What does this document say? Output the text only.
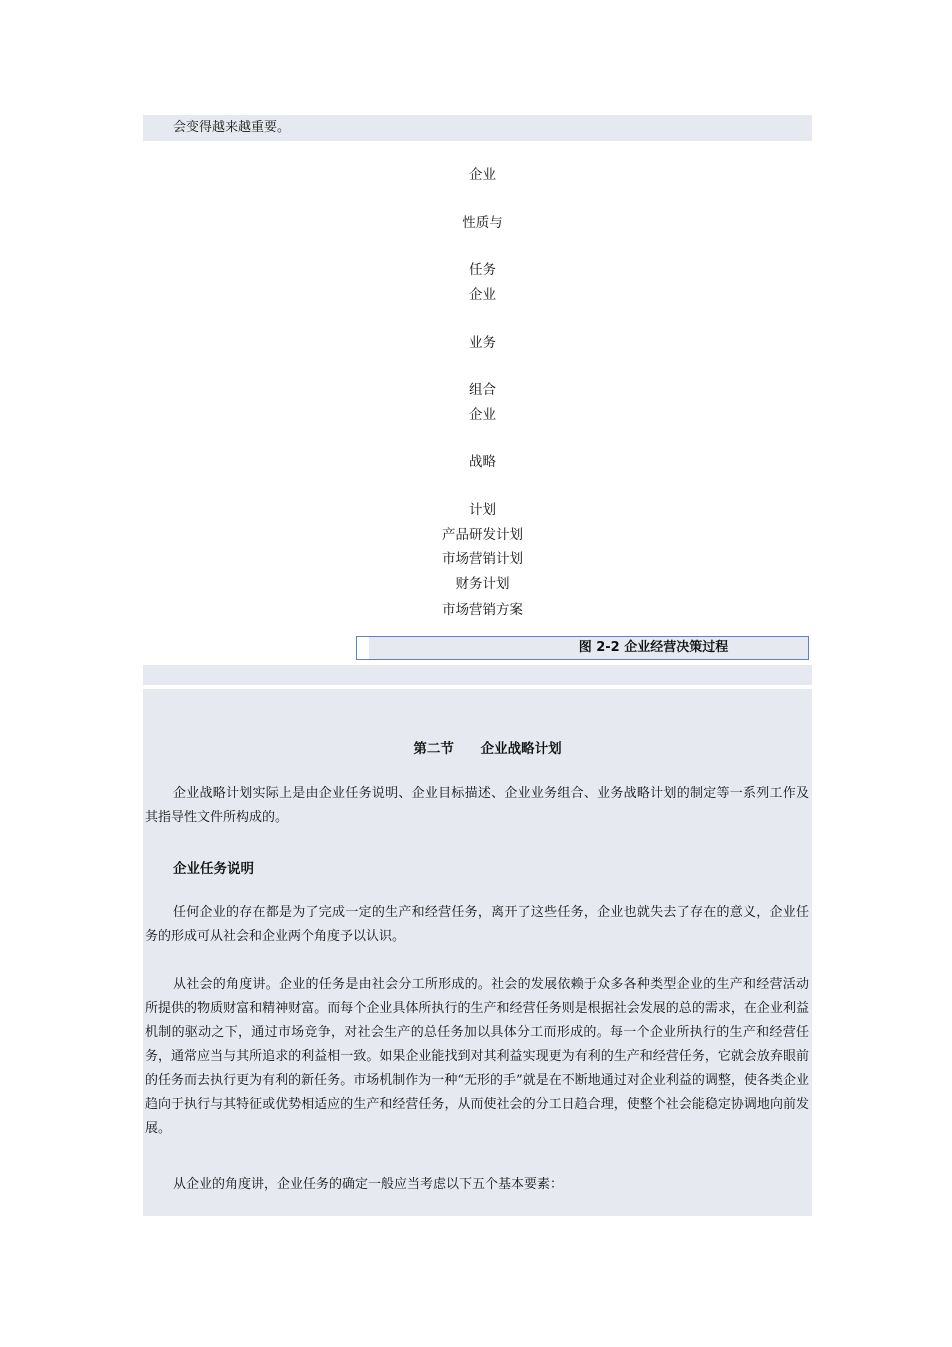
会变得越来越重要。

企业
性质与
任务
企业
业务
组合
企业
战略
计划
产品研发计划
市场营销计划
财务计划
市场营销方案
图 2-2 企业经营决策过程
第二节 企业战略计划

企业战略计划实际上是由企业任务说明、企业目标描述、企业业务组合、业务战略计划的制定等一系列工作及其指导性文件所构成的。

企业任务说明

任何企业的存在都是为了完成一定的生产和经营任务，离开了这些任务，企业也就失去了存在的意义，企业任务的形成可从社会和企业两个角度予以认识。

从社会的角度讲。企业的任务是由社会分工所形成的。社会的发展依赖于众多各种类型企业的生产和经营活动所提供的物质财富和精神财富。而每个企业具体所执行的生产和经营任务则是根据社会发展的总的需求，在企业利益机制的驱动之下，通过市场竞争，对社会生产的总任务加以具体分工而形成的。每一个企业所执行的生产和经营任务，通常应当与其所追求的利益相一致。如果企业能找到对其利益实现更为有利的生产和经营任务，它就会放弃眼前的任务而去执行更为有利的新任务。市场机制作为一种“无形的手”就是在不断地通过对企业利益的调整，使各类企业趋向于执行与其特征或优势相适应的生产和经营任务，从而使社会的分工日趋合理，使整个社会能稳定协调地向前发展。

从企业的角度讲，企业任务的确定一般应当考虑以下五个基本要素：
